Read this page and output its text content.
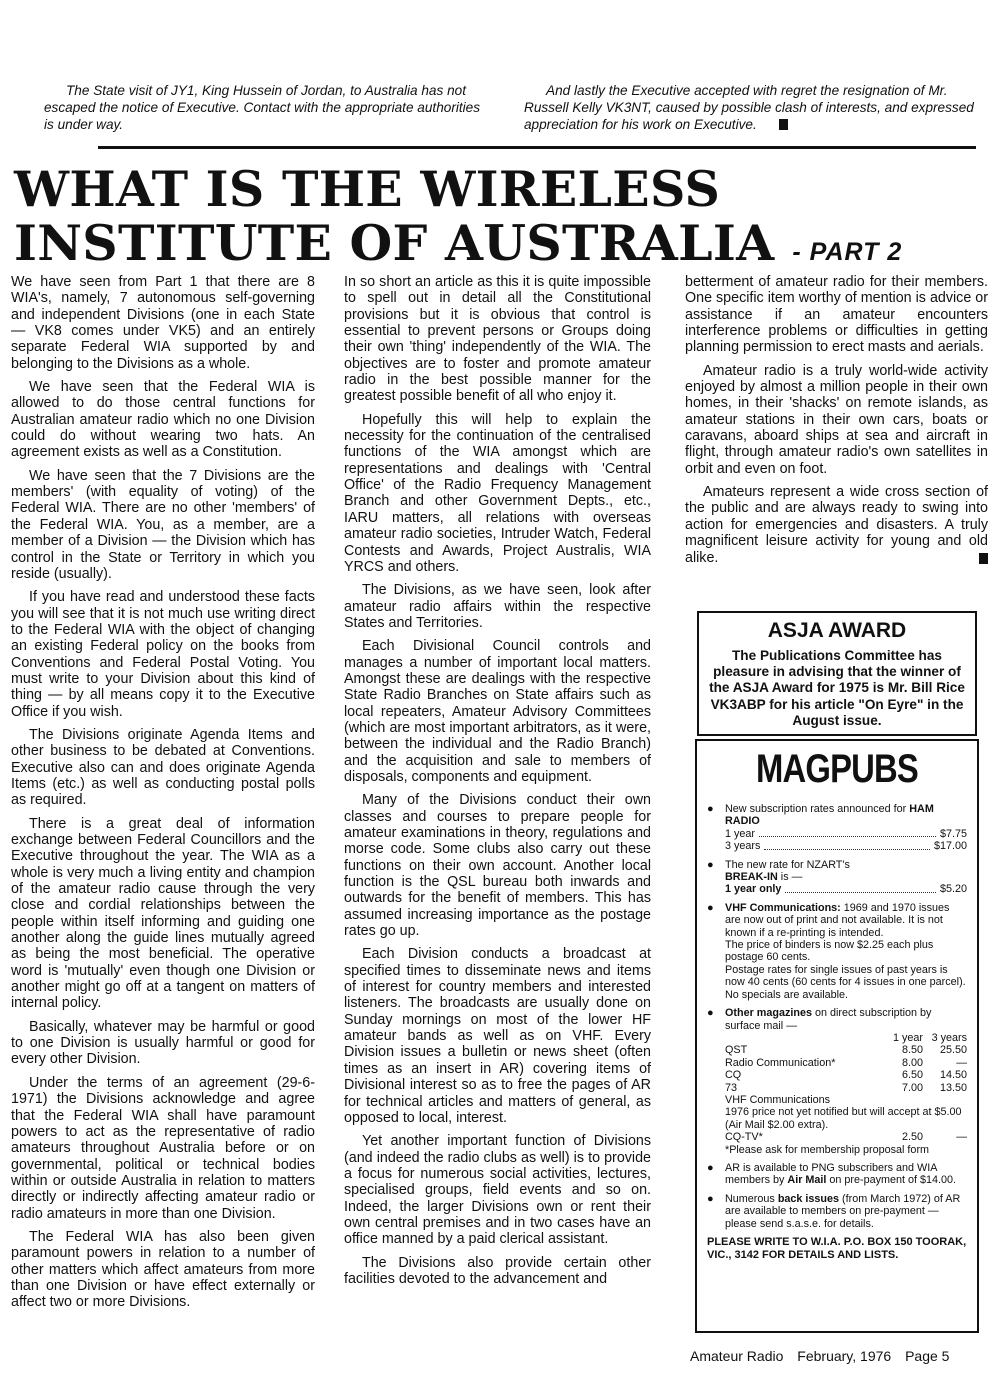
The State visit of JY1, King Hussein of Jordan, to Australia has not escaped the notice of Executive. Contact with the appropriate authorities is under way.

And lastly the Executive accepted with regret the resignation of Mr. Russell Kelly VK3NT, caused by possible clash of interests, and expressed appreciation for his work on Executive.

WHAT IS THE WIRELESS INSTITUTE OF AUSTRALIA - PART 2

We have seen from Part 1 that there are 8 WIA's, namely, 7 autonomous self-governing and independent Divisions (one in each State — VK8 comes under VK5) and an entirely separate Federal WIA supported by and belonging to the Divisions as a whole.

We have seen that the Federal WIA is allowed to do those central functions for Australian amateur radio which no one Division could do without wearing two hats. An agreement exists as well as a Constitution.

We have seen that the 7 Divisions are the members' (with equality of voting) of the Federal WIA. There are no other 'members' of the Federal WIA. You, as a member, are a member of a Division — the Division which has control in the State or Territory in which you reside (usually).

If you have read and understood these facts you will see that it is not much use writing direct to the Federal WIA with the object of changing an existing Federal policy on the books from Conventions and Federal Postal Voting. You must write to your Division about this kind of thing — by all means copy it to the Executive Office if you wish.

The Divisions originate Agenda Items and other business to be debated at Conventions. Executive also can and does originate Agenda Items (etc.) as well as conducting postal polls as required.

There is a great deal of information exchange between Federal Councillors and the Executive throughout the year. The WIA as a whole is very much a living entity and champion of the amateur radio cause through the very close and cordial relationships between the people within itself informing and guiding one another along the guide lines mutually agreed as being the most beneficial. The operative word is 'mutually' even though one Division or another might go off at a tangent on matters of internal policy.

Basically, whatever may be harmful or good to one Division is usually harmful or good for every other Division.

Under the terms of an agreement (29-6-1971) the Divisions acknowledge and agree that the Federal WIA shall have paramount powers to act as the representative of radio amateurs throughout Australia before or on governmental, political or technical bodies within or outside Australia in relation to matters directly or indirectly affecting amateur radio or radio amateurs in more than one Division.

The Federal WIA has also been given paramount powers in relation to a number of other matters which affect amateurs from more than one Division or have effect externally or affect two or more Divisions.

In so short an article as this it is quite impossible to spell out in detail all the Constitutional provisions but it is obvious that control is essential to prevent persons or Groups doing their own 'thing' independently of the WIA. The objectives are to foster and promote amateur radio in the best possible manner for the greatest possible benefit of all who enjoy it.

Hopefully this will help to explain the necessity for the continuation of the centralised functions of the WIA amongst which are representations and dealings with 'Central Office' of the Radio Frequency Management Branch and other Government Depts., etc., IARU matters, all relations with overseas amateur radio societies, Intruder Watch, Federal Contests and Awards, Project Australis, WIA YRCS and others.

The Divisions, as we have seen, look after amateur radio affairs within the respective States and Territories.

Each Divisional Council controls and manages a number of important local matters. Amongst these are dealings with the respective State Radio Branches on State affairs such as local repeaters, Amateur Advisory Committees (which are most important arbitrators, as it were, between the individual and the Radio Branch) and the acquisition and sale to members of disposals, components and equipment.

Many of the Divisions conduct their own classes and courses to prepare people for amateur examinations in theory, regulations and morse code. Some clubs also carry out these functions on their own account. Another local function is the QSL bureau both inwards and outwards for the benefit of members. This has assumed increasing importance as the postage rates go up.

Each Division conducts a broadcast at specified times to disseminate news and items of interest for country members and interested listeners. The broadcasts are usually done on Sunday mornings on most of the lower HF amateur bands as well as on VHF. Every Division issues a bulletin or news sheet (often times as an insert in AR) covering items of Divisional interest so as to free the pages of AR for technical articles and matters of general, as opposed to local, interest.

Yet another important function of Divisions (and indeed the radio clubs as well) is to provide a focus for numerous social activities, lectures, specialised groups, field events and so on. Indeed, the larger Divisions own or rent their own central premises and in two cases have an office manned by a paid clerical assistant.

The Divisions also provide certain other facilities devoted to the advancement and

betterment of amateur radio for their members. One specific item worthy of mention is advice or assistance if an amateur encounters interference problems or difficulties in getting planning permission to erect masts and aerials.

Amateur radio is a truly world-wide activity enjoyed by almost a million people in their own homes, in their 'shacks' on remote islands, as amateur stations in their own cars, boats or caravans, aboard ships at sea and aircraft in flight, through amateur radio's own satellites in orbit and even on foot.

Amateurs represent a wide cross section of the public and are always ready to swing into action for emergencies and disasters. A truly magnificent leisure activity for young and old alike.

ASJA AWARD

The Publications Committee has pleasure in advising that the winner of the ASJA Award for 1975 is Mr. Bill Rice VK3ABP for his article "On Eyre" in the August issue.

MAGPUBS
● New subscription rates announced for HAM RADIO
1 year	$7.75
3 years	$17.00
● The new rate for NZART's
BREAK-IN is —
1 year only	$5.20
● VHF Communications: 1969 and 1970 issues are now out of print and not available. It is not known if a re-printing is intended.
The price of binders is now $2.25 each plus postage 60 cents.
Postage rates for single issues of past years is now 40 cents (60 cents for 4 issues in one parcel). No specials are available.
● Other magazines on direct subscription by surface mail —
	1 year	3 years
QST	8.50	25.50
Radio Communication*	8.00	—
CQ	6.50	14.50
73	7.00	13.50
VHF Communications		
1976 price not yet notified but will accept at $5.00 (Air Mail $2.00 extra).		
CQ-TV*	2.50	—
*Please ask for membership proposal form		
● AR is available to PNG subscribers and WIA members by Air Mail on pre-payment of $14.00.
● Numerous back issues (from March 1972) of AR are available to members on pre-payment — please send s.a.s.e. for details.
PLEASE WRITE TO W.I.A. P.O. BOX 150 TOORAK, VIC., 3142 FOR DETAILS AND LISTS.
Amateur Radio February, 1976 Page 5
